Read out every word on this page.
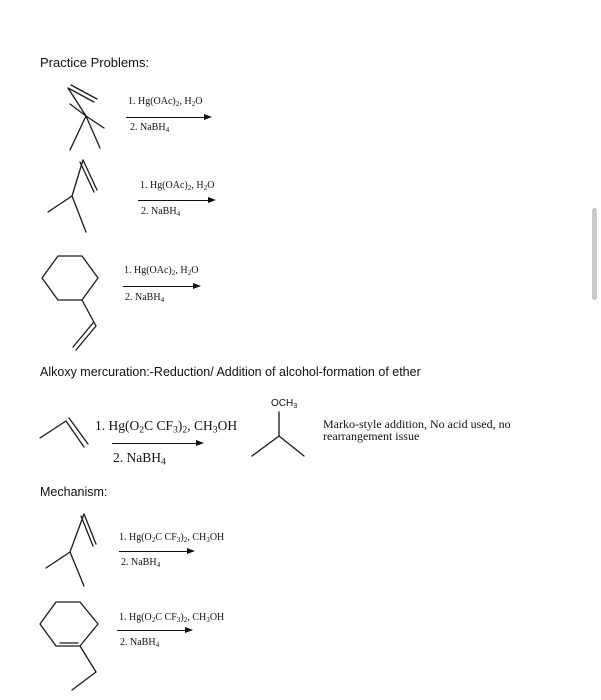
Practice Problems:
1. $Hg(OAc)_2$, $H_2O$
2. NaBH$_4$
1. $Hg(OAc)_2$, $H_2O$
2. NaBH$_4$
1. $Hg(OAc)_2$, $H_2O$
2. NaBH$_4$
Alkoxy mercuration:-Reduction/ Addition of alcohol-formation of ether
1. $Hg(O_2C$ $CF_3)_2$, $CH_3OH$
2. NaBH$_4$
$OCH_3$
Marko-style addition, No acid used, no
rearrangement issue
Mechanism:
1. $Hg(O_2C$ $CF_3)_2$, $CH_3OH$
2. NaBH$_4$
1. $Hg(O_2C$ $CF_3)_2$, $CH_3OH$
2. NaBH$_4$
